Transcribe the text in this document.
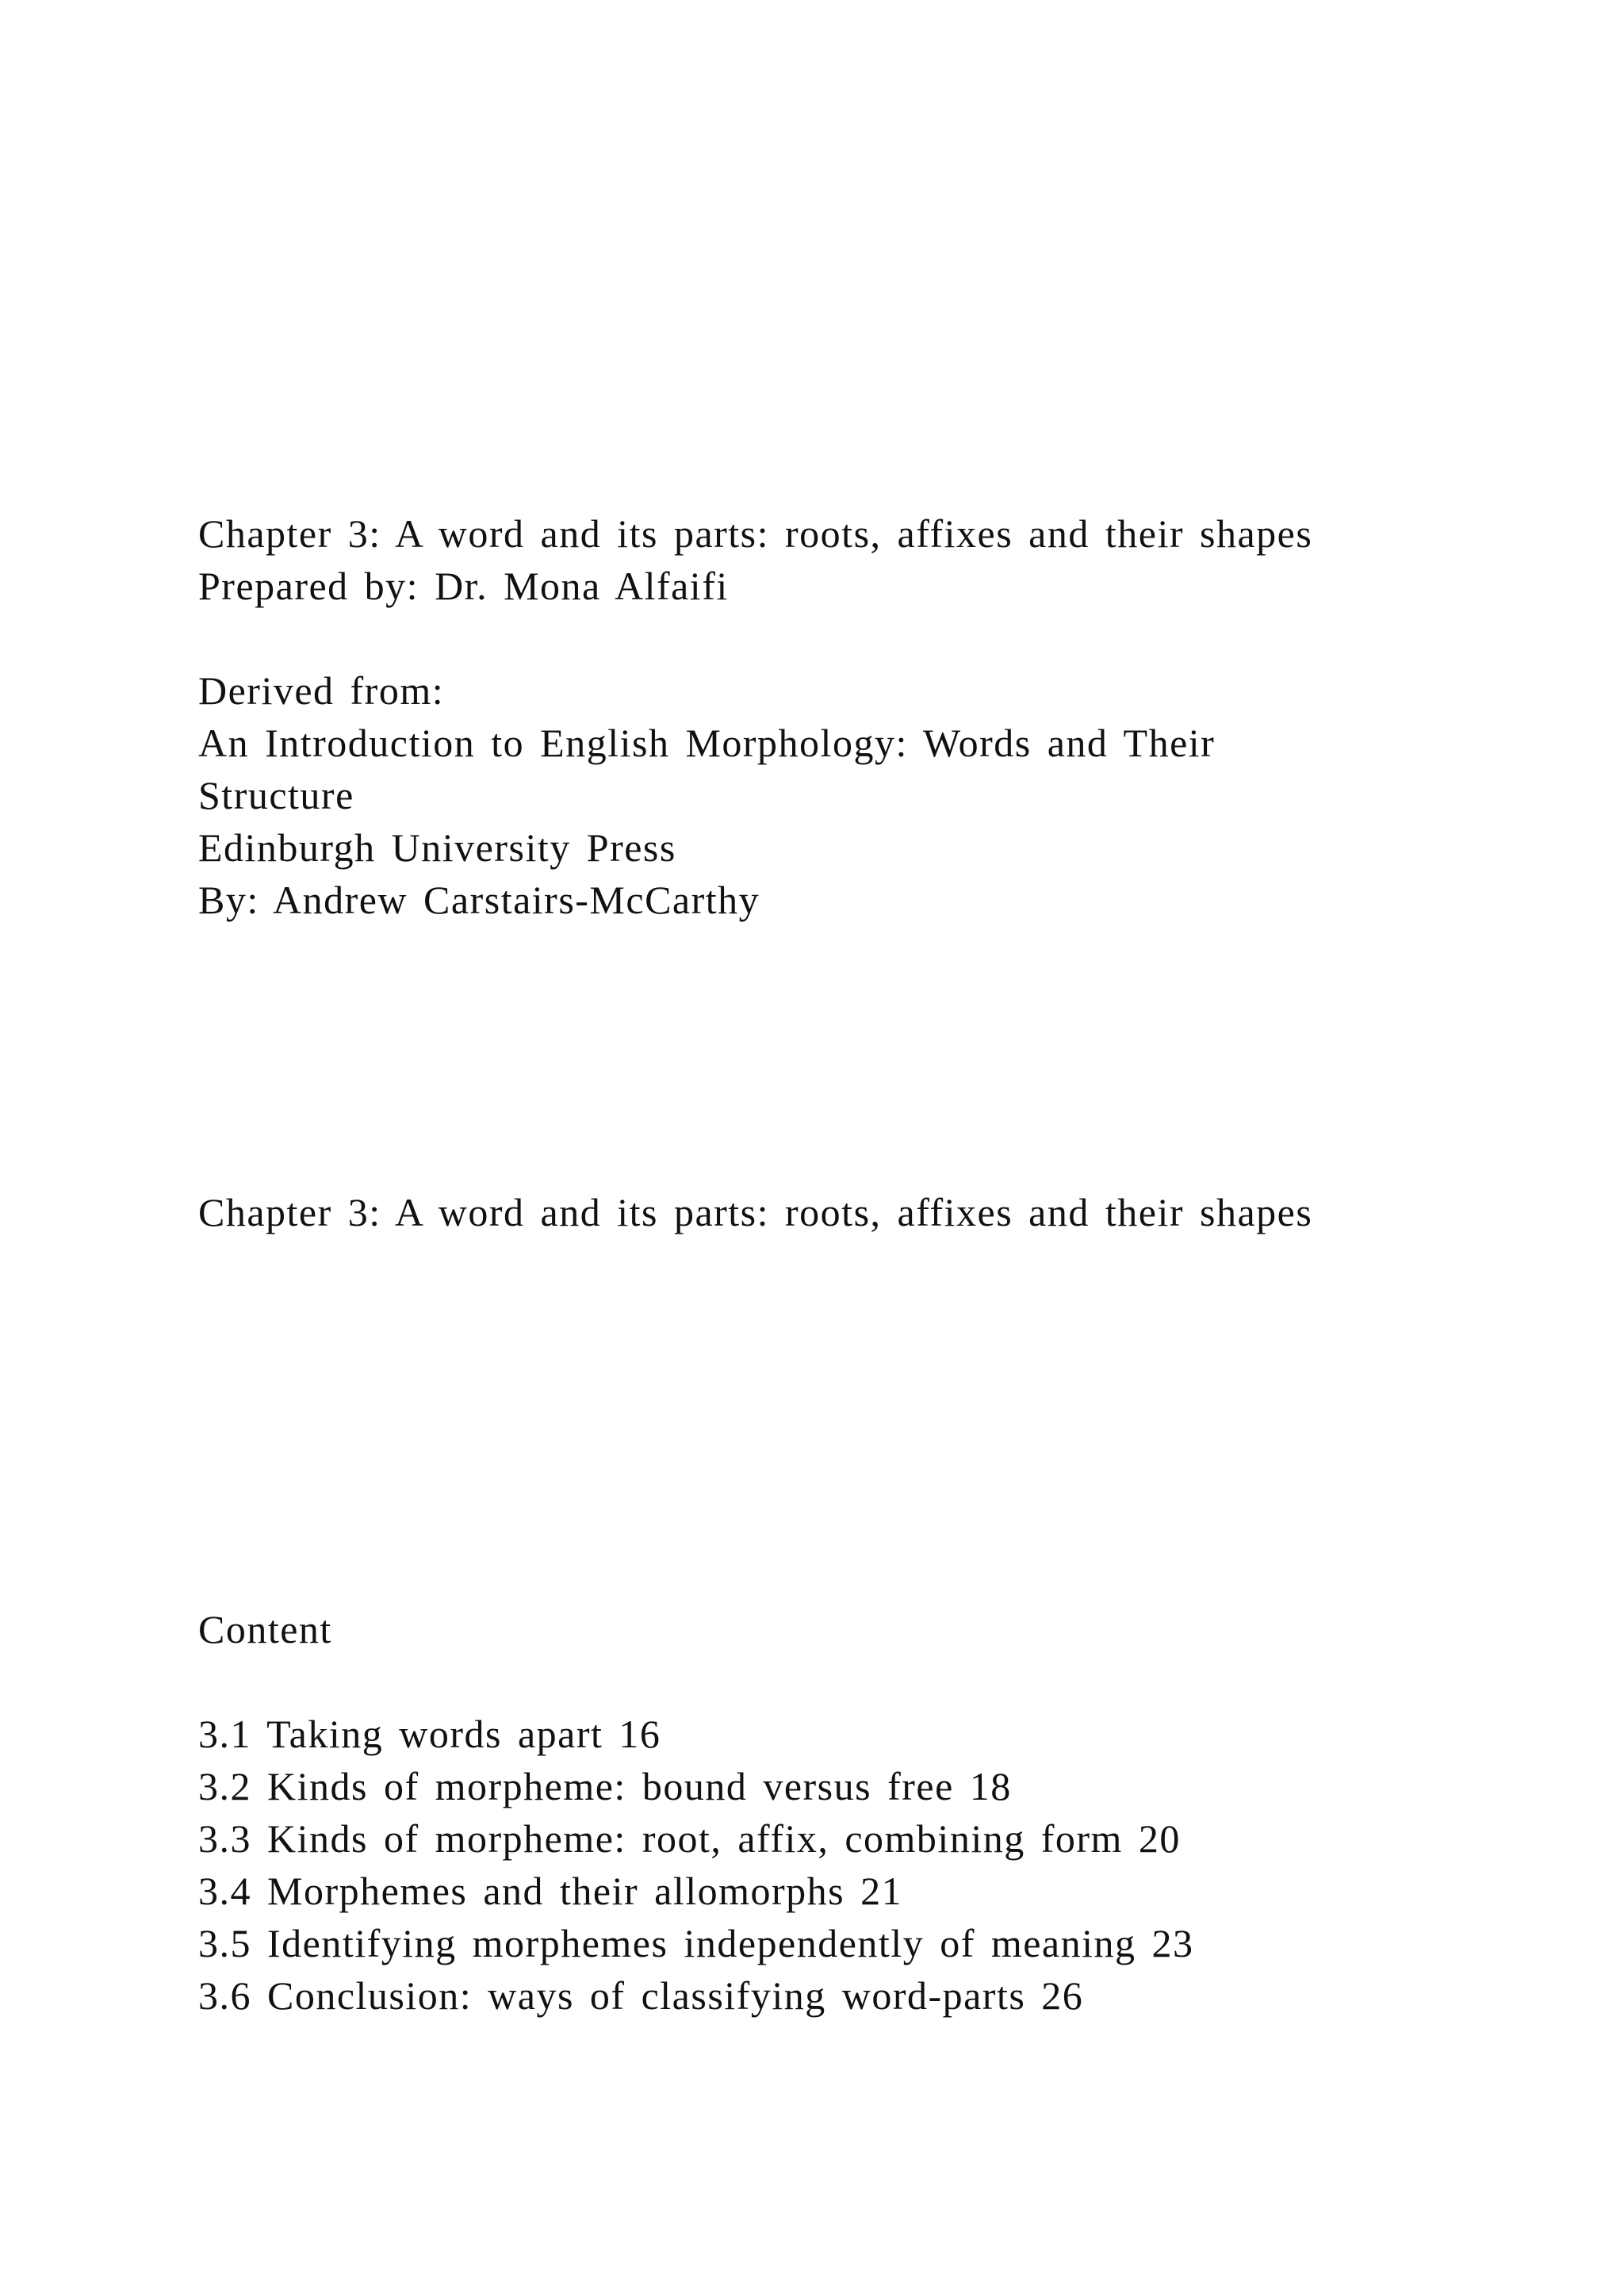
Chapter 3: A word and its parts: roots, affixes and their shapes
Prepared by: Dr. Mona Alfaifi
Derived from:
An Introduction to English Morphology: Words and Their
Structure
Edinburgh University Press
By: Andrew Carstairs-McCarthy
Chapter 3: A word and its parts: roots, affixes and their shapes
Content
3.1 Taking words apart 16
3.2 Kinds of morpheme: bound versus free 18
3.3 Kinds of morpheme: root, affix, combining form 20
3.4 Morphemes and their allomorphs 21
3.5 Identifying morphemes independently of meaning 23
3.6 Conclusion: ways of classifying word-parts 26
